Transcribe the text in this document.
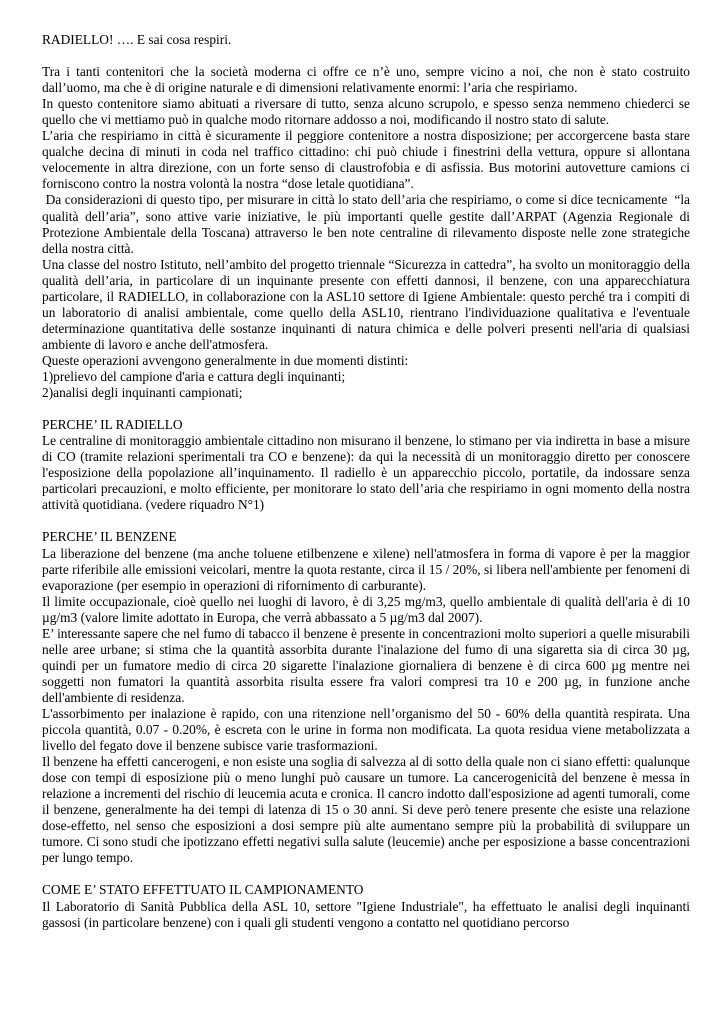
RADIELLO! …. E sai cosa respiri.

Tra i tanti contenitori che la società moderna ci offre ce n’è uno, sempre vicino a noi, che non è stato costruito dall’uomo, ma che è di origine naturale e di dimensioni relativamente enormi: l’aria che respiriamo.

In questo contenitore siamo abituati a riversare di tutto, senza alcuno scrupolo, e spesso senza nemmeno chiederci se quello che vi mettiamo può in qualche modo ritornare addosso a noi, modificando il nostro stato di salute.

L’aria che respiriamo in città è sicuramente il peggiore contenitore a nostra disposizione; per accorgercene basta stare qualche decina di minuti in coda nel traffico cittadino: chi può chiude i finestrini della vettura, oppure si allontana velocemente in altra direzione, con un forte senso di claustrofobia e di asfissia. Bus motorini autovetture camions ci forniscono contro la nostra volontà la nostra “dose letale quotidiana”.

Da considerazioni di questo tipo, per misurare in città lo stato dell’aria che respiriamo, o come si dice tecnicamente  “la qualità dell’aria”, sono attive varie iniziative, le più importanti quelle gestite dall’ARPAT (Agenzia Regionale di Protezione Ambientale della Toscana) attraverso le ben note centraline di rilevamento disposte nelle zone strategiche della nostra città.

Una classe del nostro Istituto, nell’ambito del progetto triennale “Sicurezza in cattedra”, ha svolto un monitoraggio della qualità dell’aria, in particolare di un inquinante presente con effetti dannosi, il benzene, con una apparecchiatura particolare, il RADIELLO, in collaborazione con la ASL10 settore di Igiene Ambientale: questo perché tra i compiti di un laboratorio di analisi ambientale, come quello della ASL10, rientrano l'individuazione qualitativa e l'eventuale determinazione quantitativa delle sostanze inquinanti di natura chimica e delle polveri presenti nell'aria di qualsiasi ambiente di lavoro e anche dell'atmosfera.

Queste operazioni avvengono generalmente in due momenti distinti:

1)prelievo del campione d'aria e cattura degli inquinanti;

2)analisi degli inquinanti campionati;

PERCHE’ IL RADIELLO

Le centraline di monitoraggio ambientale cittadino non misurano il benzene, lo stimano per via indiretta in base a misure di CO (tramite relazioni sperimentali tra CO e benzene): da qui la necessità di un monitoraggio diretto per conoscere l'esposizione della popolazione all’inquinamento. Il radiello è un apparecchio piccolo, portatile, da indossare senza particolari precauzioni, e molto efficiente, per monitorare lo stato dell’aria che respiriamo in ogni momento della nostra attività quotidiana. (vedere riquadro N°1)

PERCHE’ IL BENZENE

La liberazione del benzene (ma anche toluene etilbenzene e xilene) nell'atmosfera in forma di vapore è per la maggior parte riferibile alle emissioni veicolari, mentre la quota restante, circa il 15 / 20%, si libera nell'ambiente per fenomeni di evaporazione (per esempio in operazioni di rifornimento di carburante).

Il limite occupazionale, cioè quello nei luoghi di lavoro, è di 3,25 mg/m3, quello ambientale di qualità dell'aria è di 10 µg/m3 (valore limite adottato in Europa, che verrà abbassato a 5 µg/m3 dal 2007).

E’ interessante sapere che nel fumo di tabacco il benzene è presente in concentrazioni molto superiori a quelle misurabili nelle aree urbane; si stima che la quantità assorbita durante l'inalazione del fumo di una sigaretta sia di circa 30 µg, quindi per un fumatore medio di circa 20 sigarette l'inalazione giornaliera di benzene è di circa 600 µg mentre nei soggetti non fumatori la quantità assorbita risulta essere fra valori compresi tra 10 e 200 µg, in funzione anche dell'ambiente di residenza.

L'assorbimento per inalazione è rapido, con una ritenzione nell’organismo del 50 - 60% della quantità respirata. Una piccola quantità, 0.07 - 0.20%, è escreta con le urine in forma non modificata. La quota residua viene metabolizzata a livello del fegato dove il benzene subisce varie trasformazioni.

Il benzene ha effetti cancerogeni, e non esiste una soglia di salvezza al di sotto della quale non ci siano effetti: qualunque dose con tempi di esposizione più o meno lunghi può causare un tumore. La cancerogenicità del benzene è messa in relazione a incrementi del rischio di leucemia acuta e cronica. Il cancro indotto dall'esposizione ad agenti tumorali, come il benzene, generalmente ha dei tempi di latenza di 15 o 30 anni. Si deve però tenere presente che esiste una relazione dose-effetto, nel senso che esposizioni a dosi sempre più alte aumentano sempre più la probabilità di sviluppare un tumore. Ci sono studi che ipotizzano effetti negativi sulla salute (leucemie) anche per esposizione a basse concentrazioni per lungo tempo.

COME E’ STATO EFFETTUATO IL CAMPIONAMENTO

Il Laboratorio di Sanità Pubblica della ASL 10, settore "Igiene Industriale", ha effettuato le analisi degli inquinanti gassosi (in particolare benzene) con i quali gli studenti vengono a contatto nel quotidiano percorso
